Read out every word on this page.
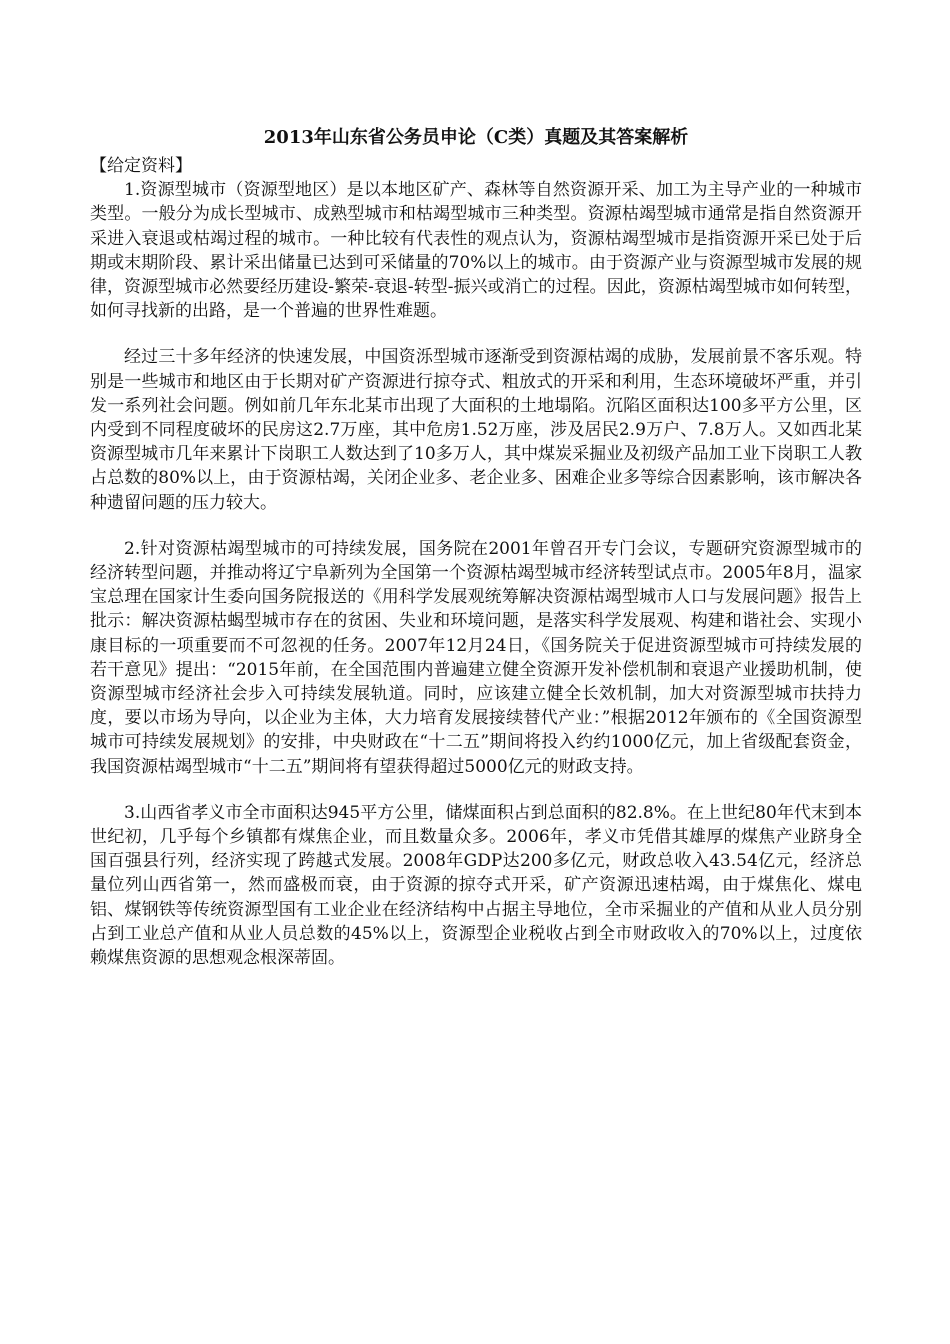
2013年山东省公务员申论（C类）真题及其答案解析
【给定资料】

1.资源型城市（资源型地区）是以本地区矿产、森林等自然资源开采、加工为主导产业的一种城市类型。一般分为成长型城市、成熟型城市和枯竭型城市三种类型。资源枯竭型城市通常是指自然资源开采进入衰退或枯竭过程的城市。一种比较有代表性的观点认为，资源枯竭型城市是指资源开采已处于后期或末期阶段、累计采出储量已达到可采储量的70%以上的城市。由于资源产业与资源型城市发展的规律，资源型城市必然要经历建设-繁荣-衰退-转型-振兴或消亡的过程。因此，资源枯竭型城市如何转型，如何寻找新的出路，是一个普遍的世界性难题。

经过三十多年经济的快速发展，中国资泺型城市逐渐受到资源枯竭的成胁，发展前景不客乐观。特别是一些城市和地区由于长期对矿产资源进行掠夺式、粗放式的开采和利用，生态环境破坏严重，并引发一系列社会问题。例如前几年东北某市出现了大面积的土地塌陷。沉陷区面积达100多平方公里，区内受到不同程度破坏的民房这2.7万座，其中危房1.52万座，涉及居民2.9万户、7.8万人。又如西北某资源型城市几年来累计下岗职工人数达到了10多万人，其中煤炭采掘业及初级产品加工业下岗职工人教占总数的80%以上，由于资源枯竭，关闭企业多、老企业多、困难企业多等综合因素影响，该市解决各种遗留问题的压力较大。

2.针对资源枯竭型城市的可持续发展，国务院在2001年曾召开专门会议，专题研究资源型城市的经济转型问题，并推动将辽宁阜新列为全国第一个资源枯竭型城市经济转型试点市。2005年8月，温家宝总理在国家计生委向国务院报送的《用科学发展观统筹解决资源枯竭型城市人口与发展问题》报告上批示：解决资源枯蝎型城市存在的贫困、失业和环境问题，是落实科学发展观、构建和谐社会、实现小康目标的一项重要而不可忽视的任务。2007年12月24日，《国务院关于促进资源型城市可持续发展的若干意见》提出：“2015年前，在全国范围内普遍建立健全资源开发补偿机制和衰退产业援助机制，使资源型城市经济社会步入可持续发展轨道。同时，应该建立健全长效机制，加大对资源型城市扶持力度，要以市场为导向，以企业为主体，大力培育发展接续替代产业：”根据2012年颁布的《全国资源型城市可持续发展规划》的安排，中央财政在“十二五”期间将投入约约1000亿元，加上省级配套资金，我国资源枯竭型城市“十二五”期间将有望获得超过5000亿元的财政支持。

3.山西省孝义市全市面积达945平方公里，储煤面积占到总面积的82.8%。在上世纪80年代末到本世纪初，几乎每个乡镇都有煤焦企业，而且数量众多。2006年，孝义市凭借其雄厚的煤焦产业跻身全国百强县行列，经济实现了跨越式发展。2008年GDP达200多亿元，财政总收入43.54亿元，经济总量位列山西省第一，然而盛极而衰，由于资源的掠夺式开采，矿产资源迅速枯竭，由于煤焦化、煤电铝、煤钢铁等传统资源型国有工业企业在经济结构中占据主导地位，全市采掘业的产值和从业人员分别占到工业总产值和从业人员总数的45%以上，资源型企业税收占到全市财政收入的70%以上，过度依赖煤焦资源的思想观念根深蒂固。
